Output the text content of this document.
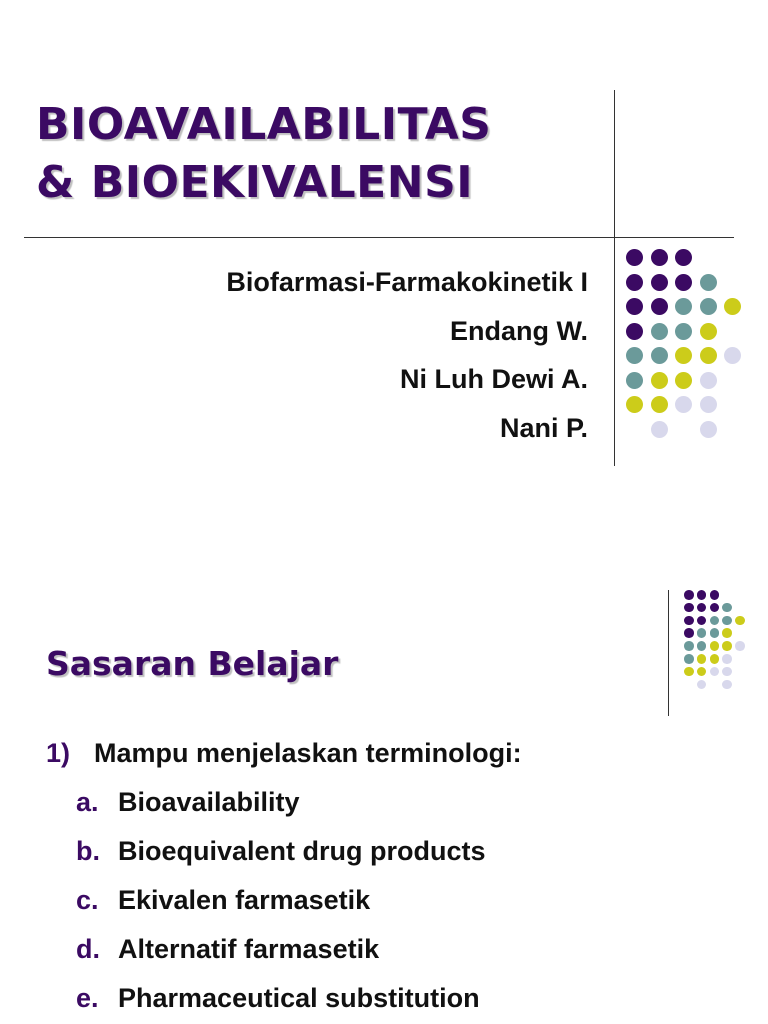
BIOAVAILABILITAS
& BIOEKIVALENSI
Biofarmasi-Farmakokinetik I
Endang W.
Ni Luh Dewi A.
Nani P.
Sasaran Belajar
1) Mampu menjelaskan terminologi:
a. Bioavailability
b. Bioequivalent drug products
c. Ekivalen farmasetik
d. Alternatif farmasetik
e. Pharmaceutical substitution
